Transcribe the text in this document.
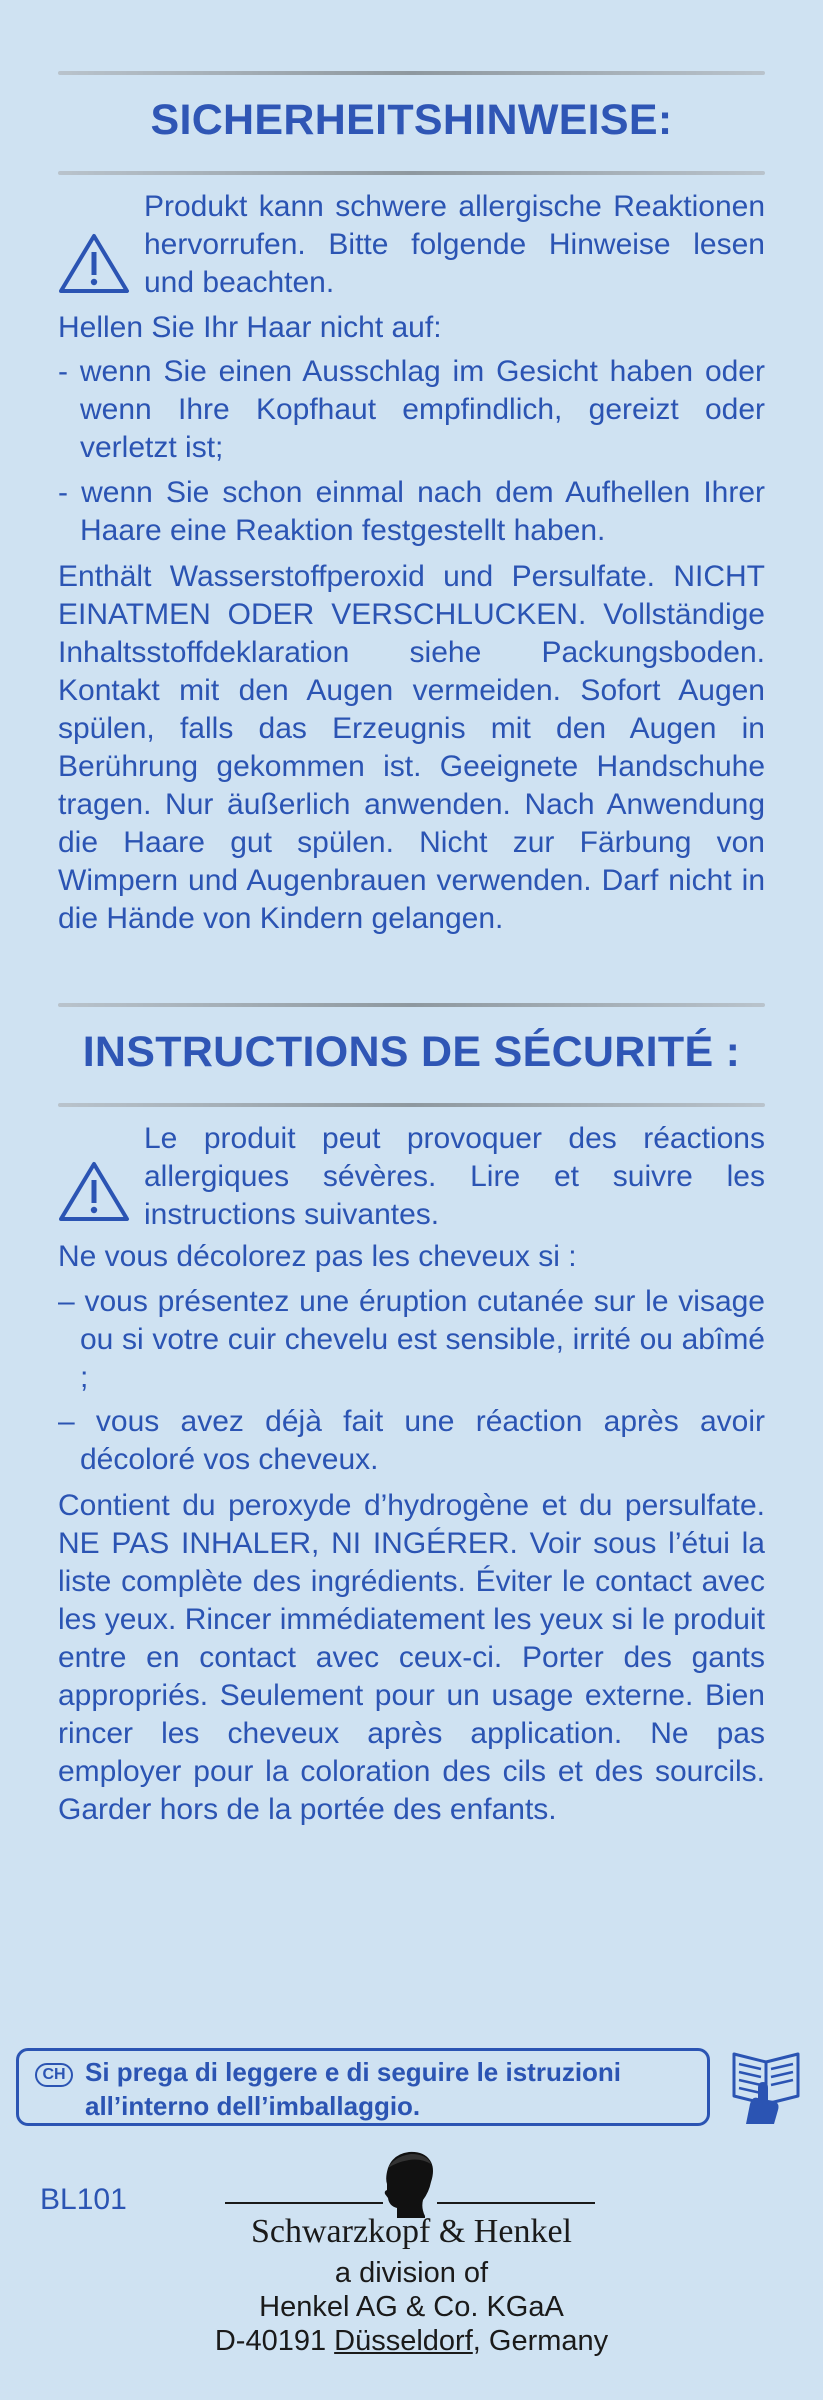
SICHERHEITSHINWEISE:
Produkt kann schwere allergische Reaktionen hervorrufen. Bitte folgende Hinweise lesen und beachten.
Hellen Sie Ihr Haar nicht auf:
- wenn Sie einen Ausschlag im Gesicht haben oder wenn Ihre Kopfhaut empfindlich, gereizt oder verletzt ist;
- wenn Sie schon einmal nach dem Aufhellen Ihrer Haare eine Reaktion festgestellt haben.
Enthält Wasserstoffperoxid und Persulfate. NICHT EINATMEN ODER VERSCHLUCKEN. Vollständige Inhaltsstoffdeklaration siehe Packungsboden. Kontakt mit den Augen vermeiden. Sofort Augen spülen, falls das Erzeugnis mit den Augen in Berührung gekommen ist. Geeignete Handschuhe tragen. Nur äußerlich anwenden. Nach Anwendung die Haare gut spülen. Nicht zur Färbung von Wimpern und Augenbrauen verwenden. Darf nicht in die Hände von Kindern gelangen.
INSTRUCTIONS DE SÉCURITÉ :
Le produit peut provoquer des réactions allergiques sévères. Lire et suivre les instructions suivantes.
Ne vous décolorez pas les cheveux si :
– vous présentez une éruption cutanée sur le visage ou si votre cuir chevelu est sensible, irrité ou abîmé ;
– vous avez déjà fait une réaction après avoir décoloré vos cheveux.
Contient du peroxyde d’hydrogène et du persulfate. NE PAS INHALER, NI INGÉRER. Voir sous l’étui la liste complète des ingrédients. Éviter le contact avec les yeux. Rincer immédiatement les yeux si le produit entre en contact avec ceux-ci. Porter des gants appropriés. Seulement pour un usage externe. Bien rincer les cheveux après application. Ne pas employer pour la coloration des cils et des sourcils. Garder hors de la portée des enfants.
CH Si prega di leggere e di seguire le istruzioni all’interno dell’imballaggio.
BL101
Schwarzkopf & Henkel
a division of
Henkel AG & Co. KGaA
D-40191 Düsseldorf, Germany
